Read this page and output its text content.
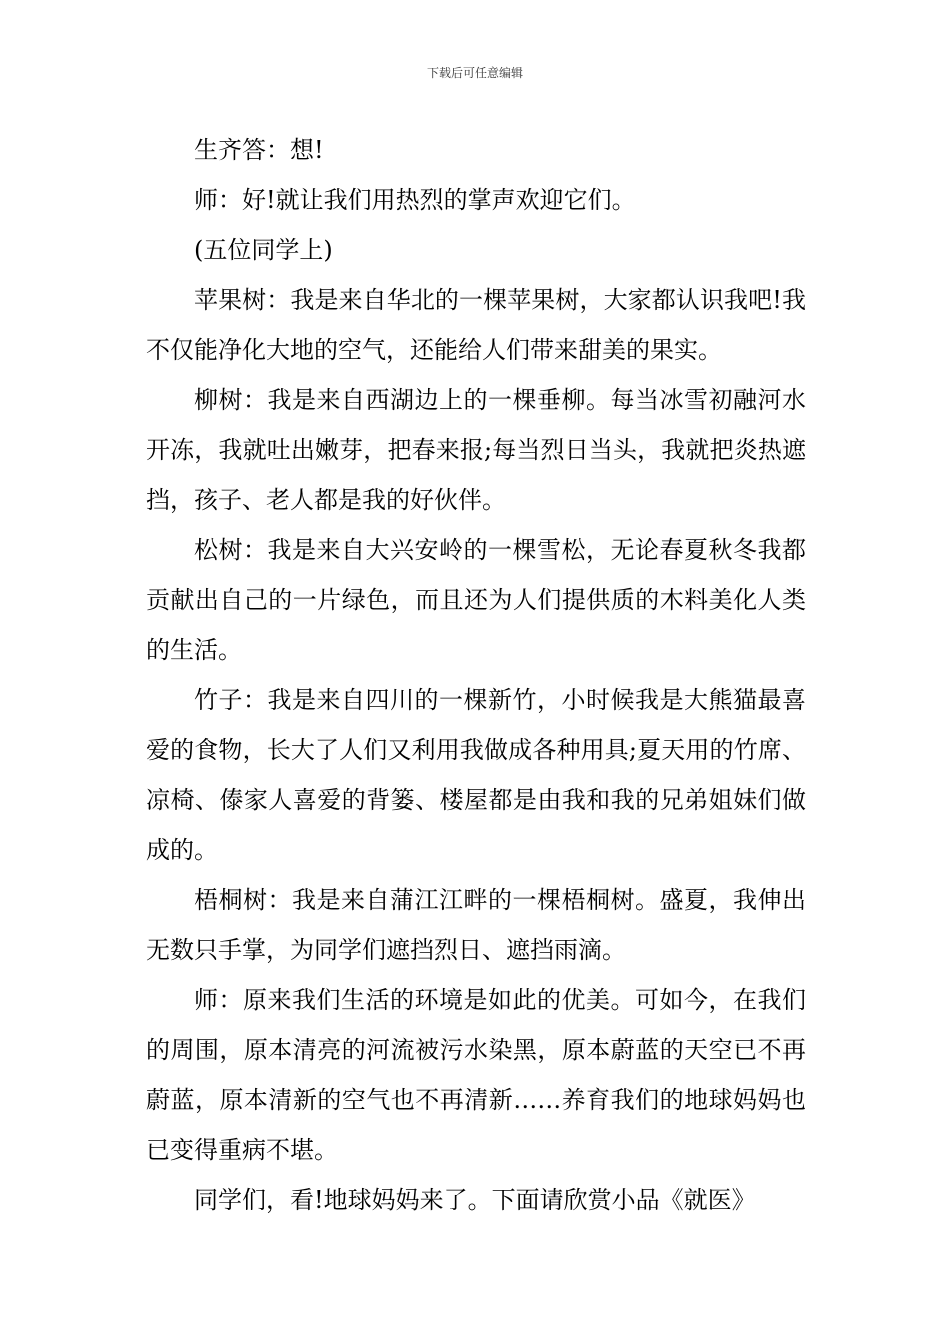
下载后可任意编辑

生齐答：想!

师：好!就让我们用热烈的掌声欢迎它们。

(五位同学上)

苹果树：我是来自华北的一棵苹果树，大家都认识我吧!我不仅能净化大地的空气，还能给人们带来甜美的果实。

柳树：我是来自西湖边上的一棵垂柳。每当冰雪初融河水开冻，我就吐出嫩芽，把春来报;每当烈日当头，我就把炎热遮挡，孩子、老人都是我的好伙伴。

松树：我是来自大兴安岭的一棵雪松，无论春夏秋冬我都贡献出自己的一片绿色，而且还为人们提供质的木料美化人类的生活。

竹子：我是来自四川的一棵新竹，小时候我是大熊猫最喜爱的食物，长大了人们又利用我做成各种用具;夏天用的竹席、凉椅、傣家人喜爱的背篓、楼屋都是由我和我的兄弟姐妹们做成的。

梧桐树：我是来自蒲江江畔的一棵梧桐树。盛夏，我伸出无数只手掌，为同学们遮挡烈日、遮挡雨滴。

师：原来我们生活的环境是如此的优美。可如今，在我们的周围，原本清亮的河流被污水染黑，原本蔚蓝的天空已不再蔚蓝，原本清新的空气也不再清新……养育我们的地球妈妈也已变得重病不堪。

同学们，看!地球妈妈来了。下面请欣赏小品《就医》
